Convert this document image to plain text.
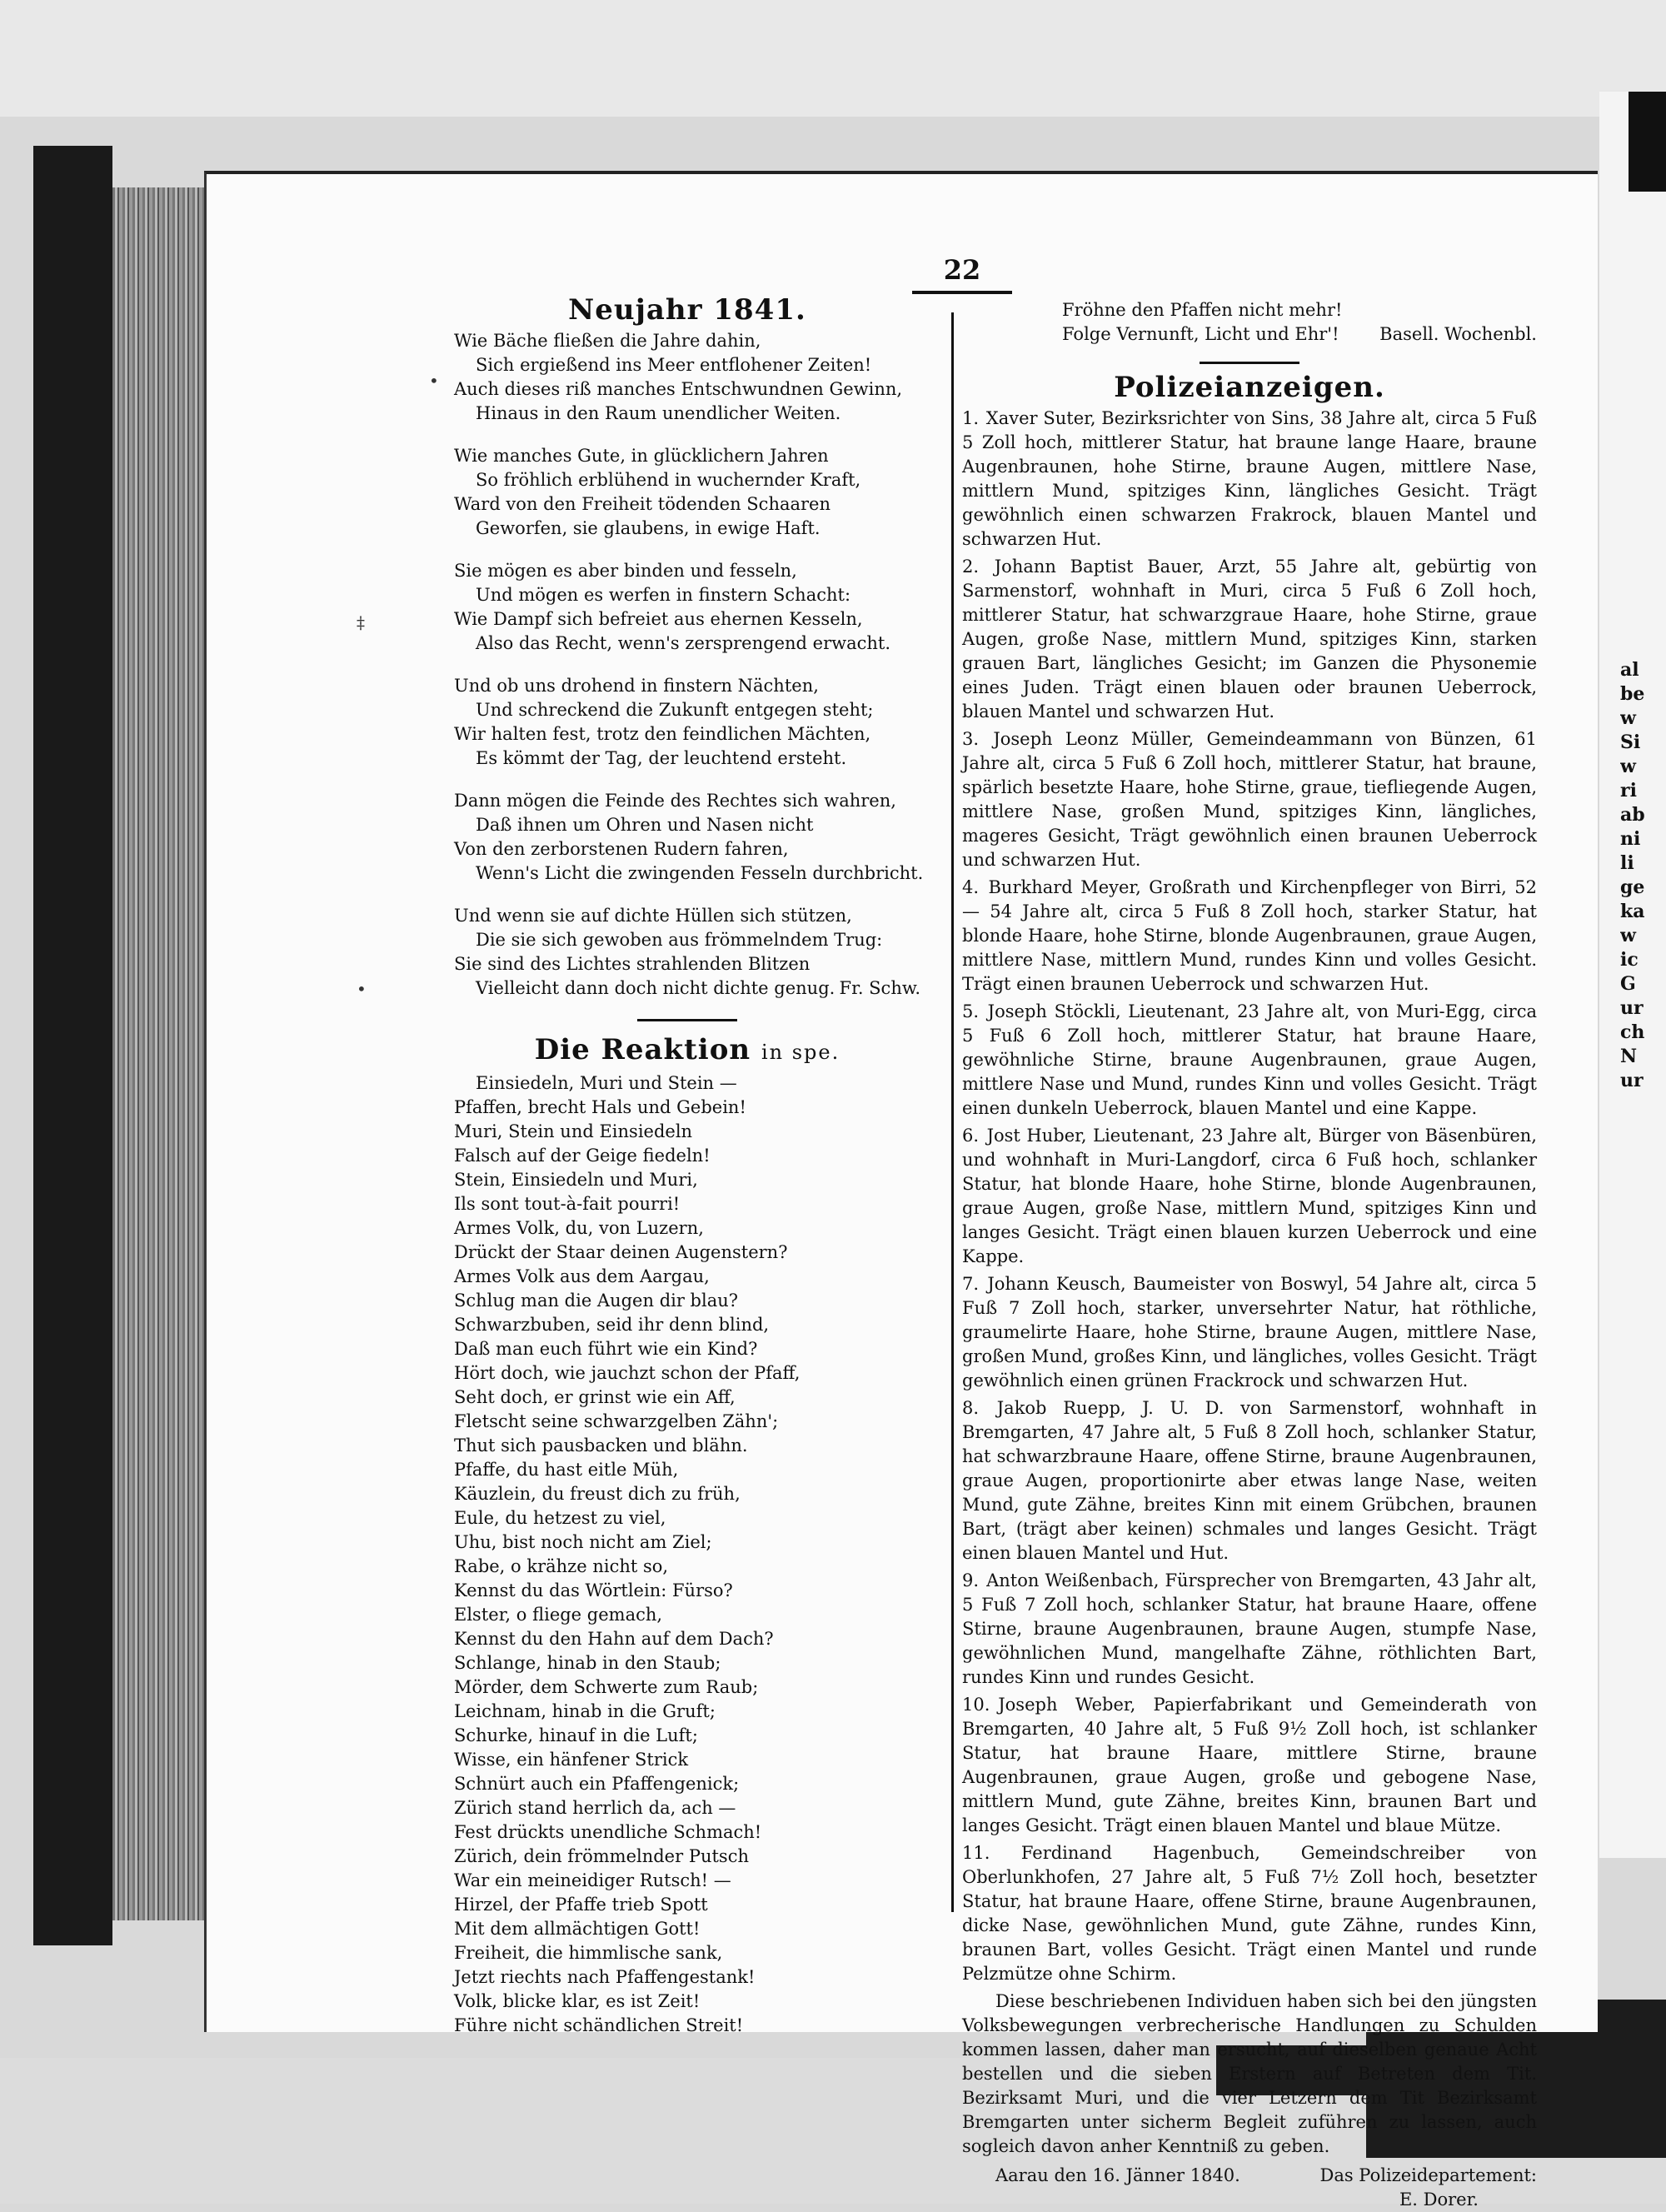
22
Neujahr 1841.
Wie Bäche fließen die Jahre dahin,
Sich ergießend ins Meer entflohener Zeiten!
Auch dieses riß manches Entschwundnen Gewinn,
Hinaus in den Raum unendlicher Weiten.
Wie manches Gute, in glücklichern Jahren
So fröhlich erblühend in wuchernder Kraft,
Ward von den Freiheit tödenden Schaaren
Geworfen, sie glaubens, in ewige Haft.
Sie mögen es aber binden und fesseln,
Und mögen es werfen in finstern Schacht:
Wie Dampf sich befreiet aus ehernen Kesseln,
Also das Recht, wenn's zersprengend erwacht.
Und ob uns drohend in finstern Nächten,
Und schreckend die Zukunft entgegen steht;
Wir halten fest, trotz den feindlichen Mächten,
Es kömmt der Tag, der leuchtend ersteht.
Dann mögen die Feinde des Rechtes sich wahren,
Daß ihnen um Ohren und Nasen nicht
Von den zerborstenen Rudern fahren,
Wenn's Licht die zwingenden Fesseln durchbricht.
Und wenn sie auf dichte Hüllen sich stützen,
Die sie sich gewoben aus frömmelndem Trug:
Sie sind des Lichtes strahlenden Blitzen
Vielleicht dann doch nicht dichte genug. Fr. Schw.
Die Reaktion in spe.
Einsiedeln, Muri und Stein —
Pfaffen, brecht Hals und Gebein!
Muri, Stein und Einsiedeln
Falsch auf der Geige fiedeln!
Stein, Einsiedeln und Muri,
Ils sont tout-à-fait pourri!
Armes Volk, du, von Luzern,
Drückt der Staar deinen Augenstern?
Armes Volk aus dem Aargau,
Schlug man die Augen dir blau?
Schwarzbuben, seid ihr denn blind,
Daß man euch führt wie ein Kind?
Hört doch, wie jauchzt schon der Pfaff,
Seht doch, er grinst wie ein Aff,
Fletscht seine schwarzgelben Zähn';
Thut sich pausbacken und blähn.
Pfaffe, du hast eitle Müh,
Käuzlein, du freust dich zu früh,
Eule, du hetzest zu viel,
Uhu, bist noch nicht am Ziel;
Rabe, o krähze nicht so,
Kennst du das Wörtlein: Fürso?
Elster, o fliege gemach,
Kennst du den Hahn auf dem Dach?
Schlange, hinab in den Staub;
Mörder, dem Schwerte zum Raub;
Leichnam, hinab in die Gruft;
Schurke, hinauf in die Luft;
Wisse, ein hänfener Strick
Schnürt auch ein Pfaffengenick;
Zürich stand herrlich da, ach —
Fest drückts unendliche Schmach!
Zürich, dein frömmelnder Putsch
War ein meineidiger Rutsch! —
Hirzel, der Pfaffe trieb Spott
Mit dem allmächtigen Gott!
Freiheit, die himmlische sank,
Jetzt riechts nach Pfaffengestank!
Volk, blicke klar, es ist Zeit!
Führe nicht schändlichen Streit!
Fröhne den Pfaffen nicht mehr!
Folge Vernunft, Licht und Ehr'! Basell. Wochenbl.
Polizeianzeigen.
1. Xaver Suter, Bezirksrichter von Sins, 38 Jahre alt, circa 5 Fuß 5 Zoll hoch, mittlerer Statur, hat braune lange Haare, braune Augenbraunen, hohe Stirne, braune Augen, mittlere Nase, mittlern Mund, spitziges Kinn, längliches Gesicht. Trägt gewöhnlich einen schwarzen Frakrock, blauen Mantel und schwarzen Hut.
2. Johann Baptist Bauer, Arzt, 55 Jahre alt, gebürtig von Sarmenstorf, wohnhaft in Muri, circa 5 Fuß 6 Zoll hoch, mittlerer Statur, hat schwarzgraue Haare, hohe Stirne, graue Augen, große Nase, mittlern Mund, spitziges Kinn, starken grauen Bart, längliches Gesicht; im Ganzen die Physonemie eines Juden. Trägt einen blauen oder braunen Ueberrock, blauen Mantel und schwarzen Hut.
3. Joseph Leonz Müller, Gemeindeammann von Bünzen, 61 Jahre alt, circa 5 Fuß 6 Zoll hoch, mittlerer Statur, hat braune, spärlich besetzte Haare, hohe Stirne, graue, tiefliegende Augen, mittlere Nase, großen Mund, spitziges Kinn, längliches, mageres Gesicht, Trägt gewöhnlich einen braunen Ueberrock und schwarzen Hut.
4. Burkhard Meyer, Großrath und Kirchenpfleger von Birri, 52 — 54 Jahre alt, circa 5 Fuß 8 Zoll hoch, starker Statur, hat blonde Haare, hohe Stirne, blonde Augenbraunen, graue Augen, mittlere Nase, mittlern Mund, rundes Kinn und volles Gesicht. Trägt einen braunen Ueberrock und schwarzen Hut.
5. Joseph Stöckli, Lieutenant, 23 Jahre alt, von Muri-Egg, circa 5 Fuß 6 Zoll hoch, mittlerer Statur, hat braune Haare, gewöhnliche Stirne, braune Augenbraunen, graue Augen, mittlere Nase und Mund, rundes Kinn und volles Gesicht. Trägt einen dunkeln Ueberrock, blauen Mantel und eine Kappe.
6. Jost Huber, Lieutenant, 23 Jahre alt, Bürger von Bäsenbüren, und wohnhaft in Muri-Langdorf, circa 6 Fuß hoch, schlanker Statur, hat blonde Haare, hohe Stirne, blonde Augenbraunen, graue Augen, große Nase, mittlern Mund, spitziges Kinn und langes Gesicht. Trägt einen blauen kurzen Ueberrock und eine Kappe.
7. Johann Keusch, Baumeister von Boswyl, 54 Jahre alt, circa 5 Fuß 7 Zoll hoch, starker, unversehrter Natur, hat röthliche, graumelirte Haare, hohe Stirne, braune Augen, mittlere Nase, großen Mund, großes Kinn, und längliches, volles Gesicht. Trägt gewöhnlich einen grünen Frackrock und schwarzen Hut.
8. Jakob Ruepp, J. U. D. von Sarmenstorf, wohnhaft in Bremgarten, 47 Jahre alt, 5 Fuß 8 Zoll hoch, schlanker Statur, hat schwarzbraune Haare, offene Stirne, braune Augenbraunen, graue Augen, proportionirte aber etwas lange Nase, weiten Mund, gute Zähne, breites Kinn mit einem Grübchen, braunen Bart, (trägt aber keinen) schmales und langes Gesicht. Trägt einen blauen Mantel und Hut.
9. Anton Weißenbach, Fürsprecher von Bremgarten, 43 Jahr alt, 5 Fuß 7 Zoll hoch, schlanker Statur, hat braune Haare, offene Stirne, braune Augenbraunen, braune Augen, stumpfe Nase, gewöhnlichen Mund, mangelhafte Zähne, röthlichten Bart, rundes Kinn und rundes Gesicht.
10. Joseph Weber, Papierfabrikant und Gemeinderath von Bremgarten, 40 Jahre alt, 5 Fuß 9½ Zoll hoch, ist schlanker Statur, hat braune Haare, mittlere Stirne, braune Augenbraunen, graue Augen, große und gebogene Nase, mittlern Mund, gute Zähne, breites Kinn, braunen Bart und langes Gesicht. Trägt einen blauen Mantel und blaue Mütze.
11. Ferdinand Hagenbuch, Gemeindschreiber von Oberlunkhofen, 27 Jahre alt, 5 Fuß 7½ Zoll hoch, besetzter Statur, hat braune Haare, offene Stirne, braune Augenbraunen, dicke Nase, gewöhnlichen Mund, gute Zähne, rundes Kinn, braunen Bart, volles Gesicht. Trägt einen Mantel und runde Pelzmütze ohne Schirm.
Diese beschriebenen Individuen haben sich bei den jüngsten Volksbewegungen verbrecherische Handlungen zu Schulden kommen lassen, daher man ersucht, auf dieselben genaue Acht bestellen und die sieben Erstern auf Betreten dem Tit. Bezirksamt Muri, und die vier Letzern dem Tit Bezirksamt Bremgarten unter sicherm Begleit zuführen zu lassen, auch sogleich davon anher Kenntniß zu geben.
Aarau den 16. Jänner 1840.	Das Polizeidepartement:
E. Dorer.
al
be
w
Si
w
ri
ab
ni
li
ge
ka
w
ic
G
ur
ch
N
ur
•
‡
•
